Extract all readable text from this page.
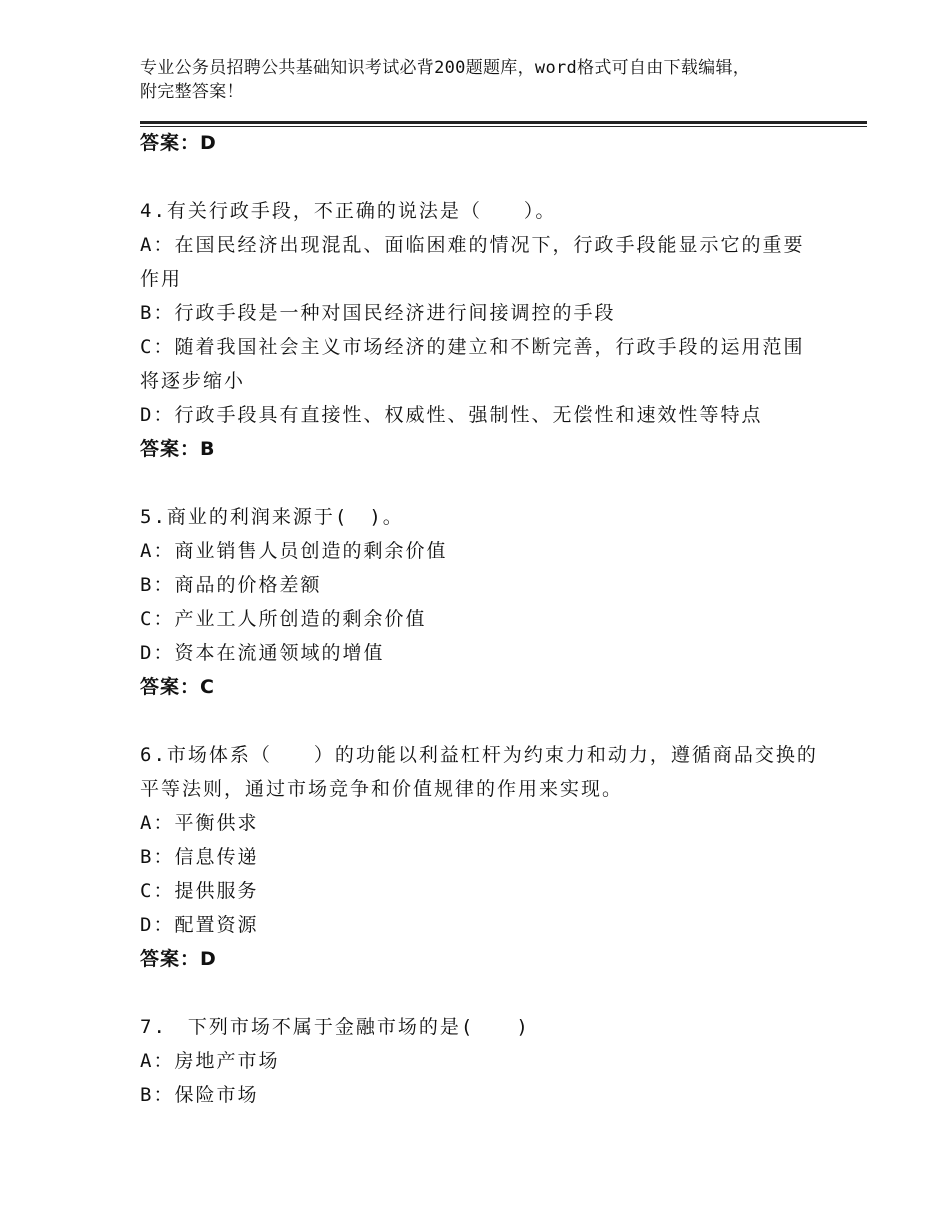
专业公务员招聘公共基础知识考试必背200题题库，word格式可自由下载编辑，
附完整答案！
答案：D
4.有关行政手段，不正确的说法是（　　）。
A：在国民经济出现混乱、面临困难的情况下，行政手段能显示它的重要作用
B：行政手段是一种对国民经济进行间接调控的手段
C：随着我国社会主义市场经济的建立和不断完善，行政手段的运用范围将逐步缩小
D：行政手段具有直接性、权威性、强制性、无偿性和速效性等特点
答案：B
5.商业的利润来源于(　)。
A：商业销售人员创造的剩余价值
B：商品的价格差额
C：产业工人所创造的剩余价值
D：资本在流通领域的增值
答案：C
6.市场体系（　　）的功能以利益杠杆为约束力和动力，遵循商品交换的平等法则，通过市场竞争和价值规律的作用来实现。
A：平衡供求
B：信息传递
C：提供服务
D：配置资源
答案：D
7.　下列市场不属于金融市场的是(　　)
A：房地产市场
B：保险市场
